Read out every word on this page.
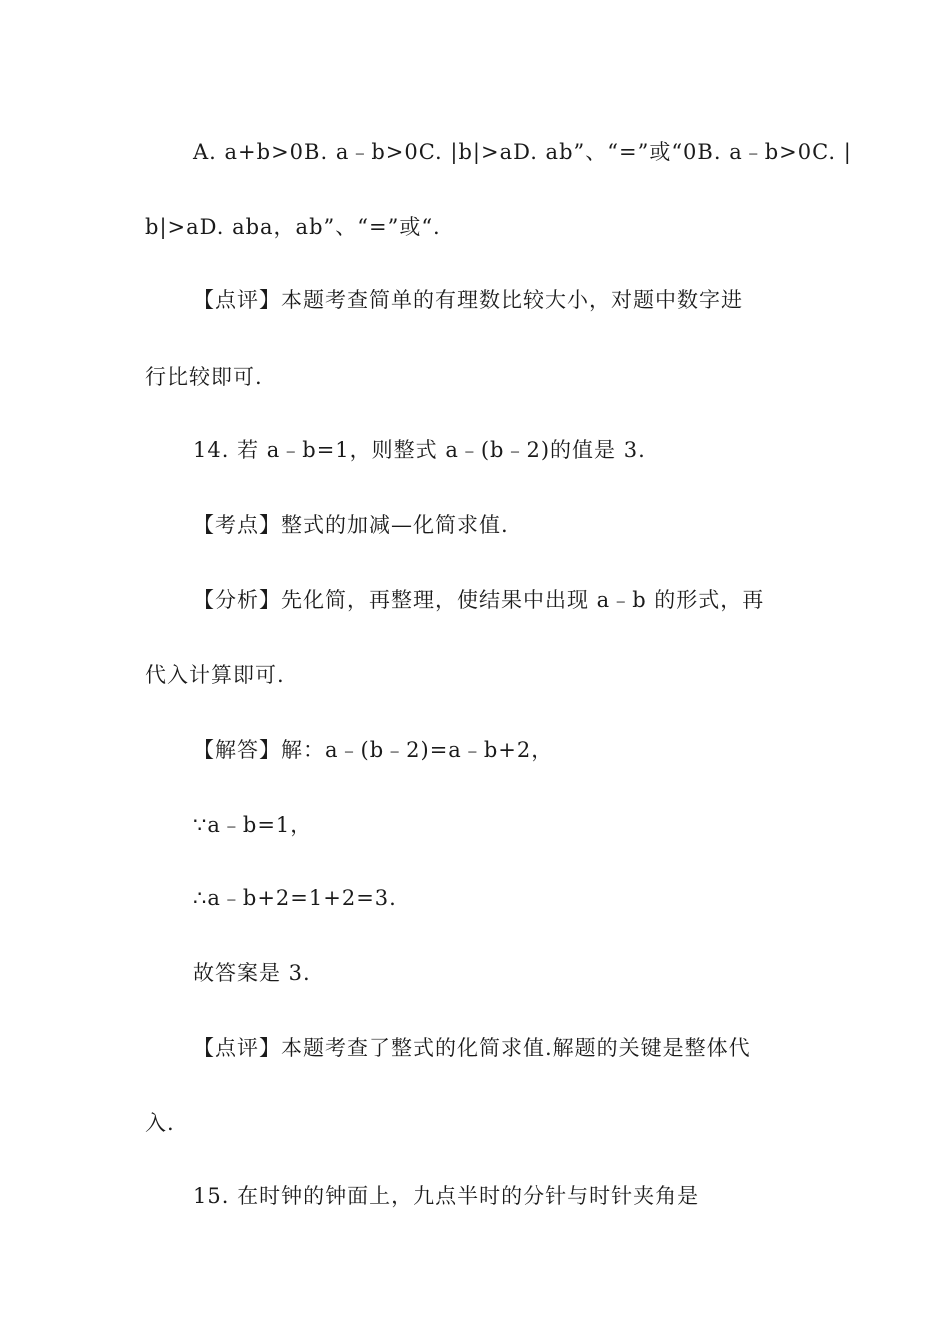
A. a+b>0B. a﹣b>0C. |b|>aD. ab”、“=”或“0B. a﹣b>0C. |
b|>aD. aba，ab”、“=”或“.
【点评】本题考查简单的有理数比较大小，对题中数字进
行比较即可.
14. 若 a﹣b=1，则整式 a﹣(b﹣2)的值是 3.
【考点】整式的加减—化简求值.
【分析】先化简，再整理，使结果中出现 a﹣b 的形式，再
代入计算即可.
【解答】解：a﹣(b﹣2)=a﹣b+2，
∵a﹣b=1，
∴a﹣b+2=1+2=3.
故答案是 3.
【点评】本题考查了整式的化简求值.解题的关键是整体代
入.
15. 在时钟的钟面上，九点半时的分针与时针夹角是
